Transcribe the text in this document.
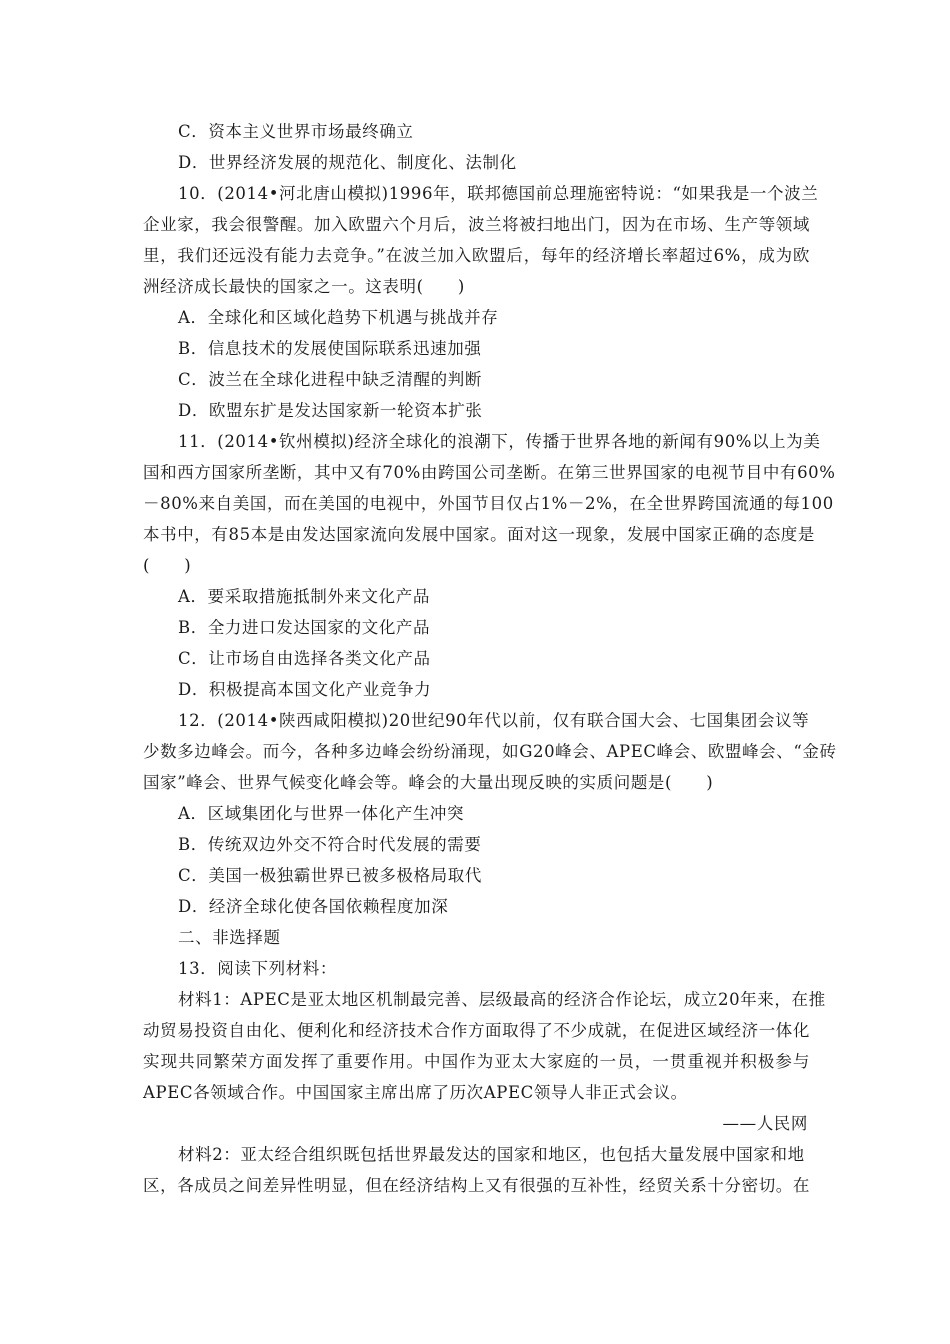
C．资本主义世界市场最终确立
D．世界经济发展的规范化、制度化、法制化
10．(2014•河北唐山模拟)1996年，联邦德国前总理施密特说：“如果我是一个波兰
企业家，我会很警醒。加入欧盟六个月后，波兰将被扫地出门，因为在市场、生产等领域
里，我们还远没有能力去竞争。”在波兰加入欧盟后，每年的经济增长率超过6%，成为欧
洲经济成长最快的国家之一。这表明(　　)
A．全球化和区域化趋势下机遇与挑战并存
B．信息技术的发展使国际联系迅速加强
C．波兰在全球化进程中缺乏清醒的判断
D．欧盟东扩是发达国家新一轮资本扩张
11．(2014•钦州模拟)经济全球化的浪潮下，传播于世界各地的新闻有90%以上为美
国和西方国家所垄断，其中又有70%由跨国公司垄断。在第三世界国家的电视节目中有60%
－80%来自美国，而在美国的电视中，外国节目仅占1%－2%，在全世界跨国流通的每100
本书中，有85本是由发达国家流向发展中国家。面对这一现象，发展中国家正确的态度是
(　　)
A．要采取措施抵制外来文化产品
B．全力进口发达国家的文化产品
C．让市场自由选择各类文化产品
D．积极提高本国文化产业竞争力
12．(2014•陕西咸阳模拟)20世纪90年代以前，仅有联合国大会、七国集团会议等
少数多边峰会。而今，各种多边峰会纷纷涌现，如G20峰会、APEC峰会、欧盟峰会、“金砖
国家”峰会、世界气候变化峰会等。峰会的大量出现反映的实质问题是(　　)
A．区域集团化与世界一体化产生冲突
B．传统双边外交不符合时代发展的需要
C．美国一极独霸世界已被多极格局取代
D．经济全球化使各国依赖程度加深
二、非选择题
13．阅读下列材料：
材料1：APEC是亚太地区机制最完善、层级最高的经济合作论坛，成立20年来，在推
动贸易投资自由化、便利化和经济技术合作方面取得了不少成就，在促进区域经济一体化
实现共同繁荣方面发挥了重要作用。中国作为亚太大家庭的一员，一贯重视并积极参与
APEC各领域合作。中国国家主席出席了历次APEC领导人非正式会议。
——人民网
材料2：亚太经合组织既包括世界最发达的国家和地区，也包括大量发展中国家和地
区，各成员之间差异性明显，但在经济结构上又有很强的互补性，经贸关系十分密切。在
